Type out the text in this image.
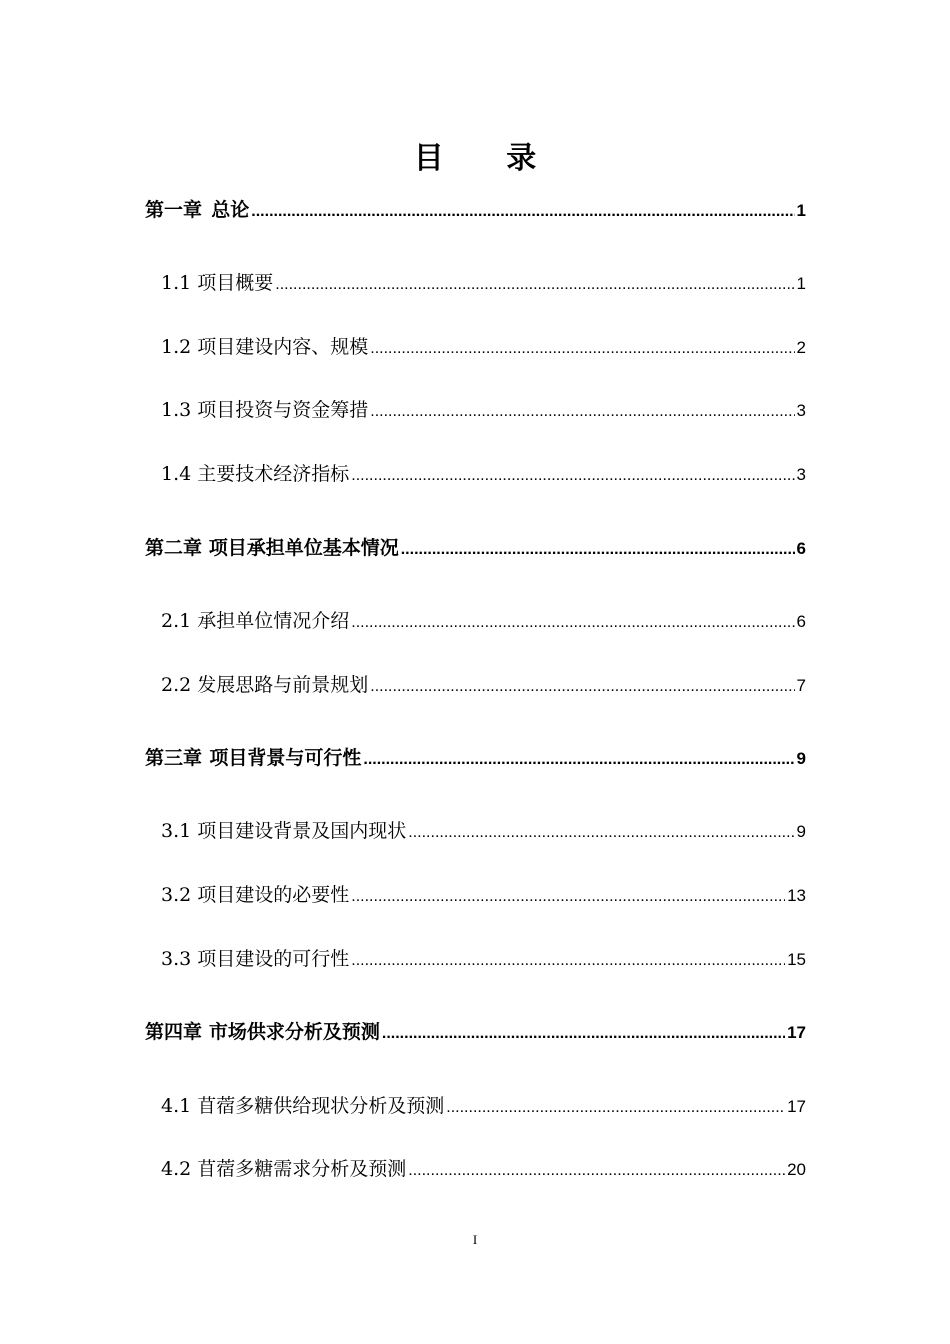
目 录
第一章 总论 .....	1
1.1 项目概要 .....	1
1.2 项目建设内容、规模 .....	2
1.3 项目投资与资金筹措 .....	3
1.4 主要技术经济指标 .....	3
第二章 项目承担单位基本情况 .....	6
2.1 承担单位情况介绍 .....	6
2.2 发展思路与前景规划 .....	7
第三章 项目背景与可行性 .....	9
3.1 项目建设背景及国内现状 .....	9
3.2 项目建设的必要性 .....	13
3.3 项目建设的可行性 .....	15
第四章 市场供求分析及预测 .....	17
4.1 苜蓿多糖供给现状分析及预测 .....	17
4.2 苜蓿多糖需求分析及预测 .....	20
I
